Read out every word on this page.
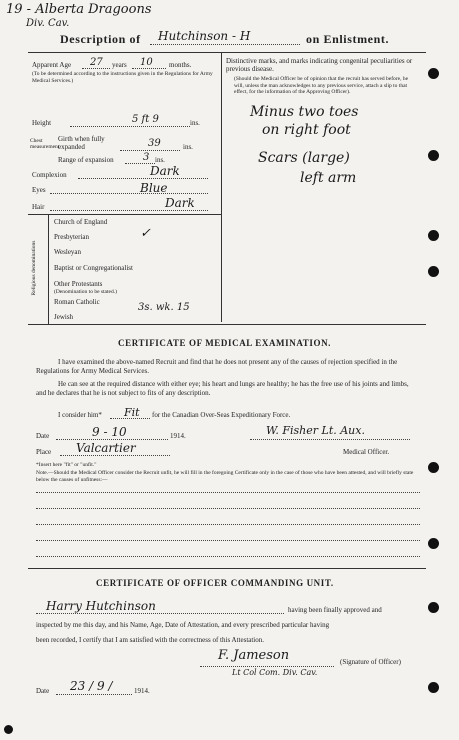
19 - Alberta Dragoons
Div. Cav.
Description of Hutchinson - H	on Enlistment.
Apparent Age 27 years 10 months.
(To be determined according to the instructions given in the Regulations for Army Medical Services.)
Height	5 ft 9	ins.
Chest measurement
Girth when fully expanded	39	ins.
Range of expansion	3 ins.
Complexion	Dark
Eyes	Blue
Hair	Dark
Religious denominations
Church of England
Presbyterian	✓
Wesleyan
Baptist or Congregationalist
Other Protestants
(Denomination to be stated.)
Roman Catholic
Jewish
3s. wk. 15
Distinctive marks, and marks indicating congenital peculiarities or previous disease.
(Should the Medical Officer be of opinion that the recruit has served before, he will, unless the man acknowledges to any previous service, attach a slip to that effect, for the information of the Approving Officer).
Minus two toes
on right foot
Scars (large)
left arm
CERTIFICATE OF MEDICAL EXAMINATION.
I have examined the above-named Recruit and find that he does not present any of the causes of rejection specified in the Regulations for Army Medical Services.
He can see at the required distance with either eye; his heart and lungs are healthy; he has the free use of his joints and limbs, and he declares that he is not subject to fits of any description.
I consider him* Fit for the Canadian Over-Seas Expeditionary Force.
Date	9 - 10	1914.	W. Fisher Lt. Aux.
Place Valcartier	Medical Officer.
*Insert here "fit" or "unfit."
Note.—Should the Medical Officer consider the Recruit unfit, he will fill in the foregoing Certificate only in the case of those who have been attested, and will briefly state below the causes of unfitness:—
CERTIFICATE OF OFFICER COMMANDING UNIT.
Harry Hutchinson	having been finally approved and
inspected by me this day, and his Name, Age, Date of Attestation, and every prescribed particular having
been recorded, I certify that I am satisfied with the correctness of this Attestation.
F. Jameson	(Signature of Officer)
Lt Col Com. Div. Cav.
Date 23 / 9 /	1914.
